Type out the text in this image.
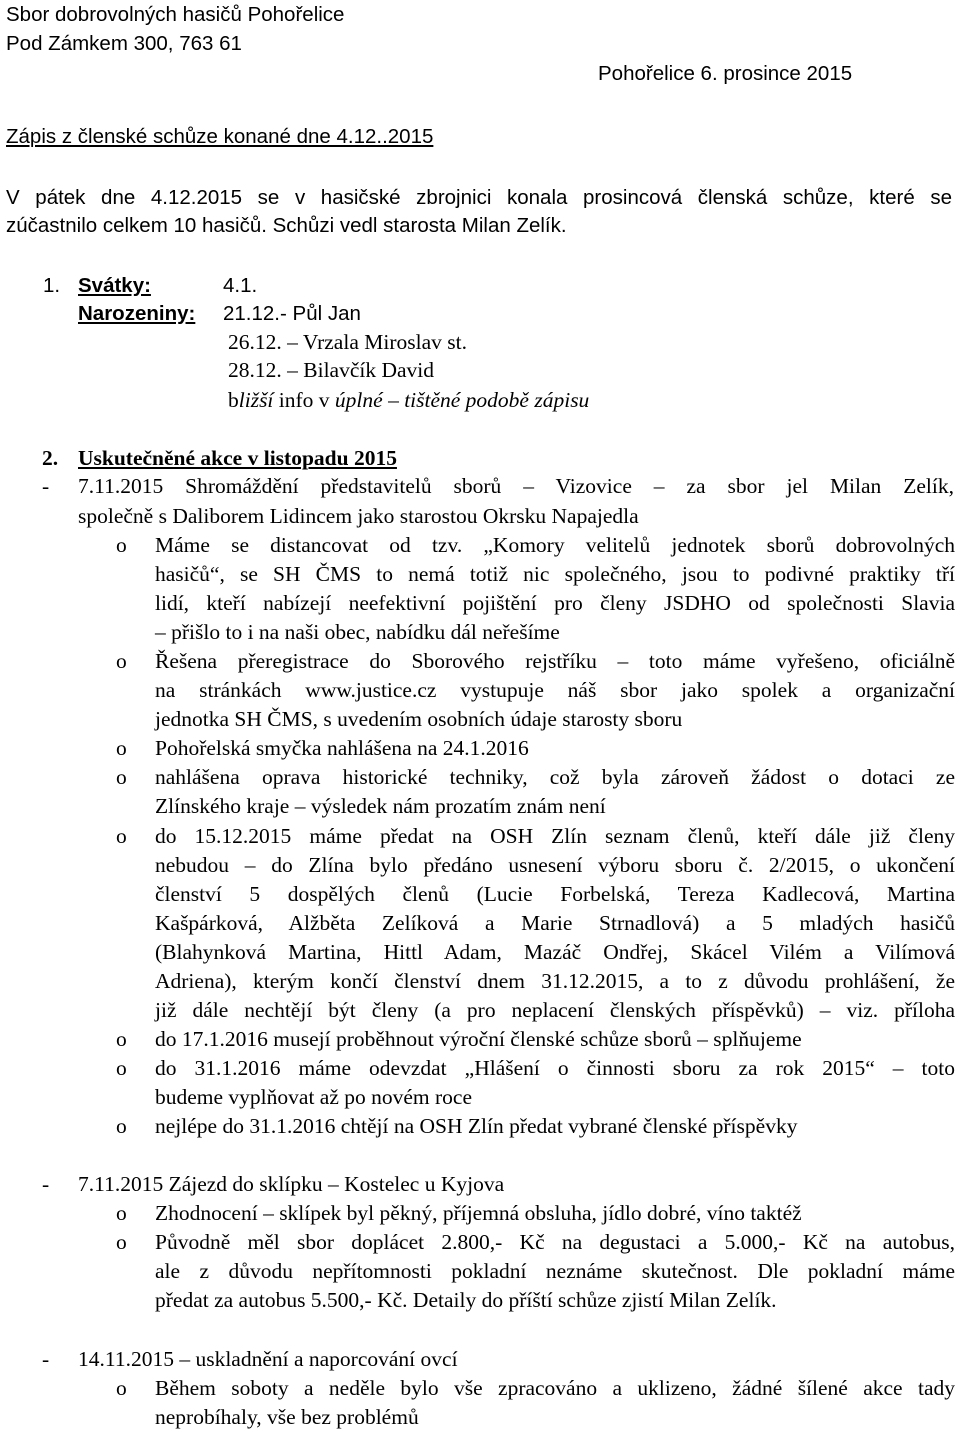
Sbor dobrovolných hasičů Pohořelice
Pod Zámkem 300, 763 61
Pohořelice 6. prosince 2015
Zápis z členské schůze konané dne 4.12..2015
V pátek dne 4.12.2015 se v hasičské zbrojnici konala prosincová členská schůze, které se
zúčastnilo celkem 10 hasičů. Schůzi vedl starosta Milan Zelík.
1. Svátky:	4.1.
Narozeniny: 21.12.- Půl Jan
26.12. – Vrzala Miroslav st.
28.12. – Bilavčík David
bližší info v úplné – tištěné podobě zápisu
2. Uskutečněné akce v listopadu 2015
- 7.11.2015 Shromáždění představitelů sborů – Vizovice – za sbor jel Milan Zelík,
společně s Daliborem Lidincem jako starostou Okrsku Napajedla
o Máme se distancovat od tzv. „Komory velitelů jednotek sborů dobrovolných
hasičů“, se SH ČMS to nemá totiž nic společného, jsou to podivné praktiky tří
lidí, kteří nabízejí neefektivní pojištění pro členy JSDHO od společnosti Slavia
– přišlo to i na naši obec, nabídku dál neřešíme
o Řešena přeregistrace do Sborového rejstříku – toto máme vyřešeno, oficiálně
na stránkách www.justice.cz vystupuje náš sbor jako spolek a organizační
jednotka SH ČMS, s uvedením osobních údaje starosty sboru
o Pohořelská smyčka nahlášena na 24.1.2016
o nahlášena oprava historické techniky, což byla zároveň žádost o dotaci ze
Zlínského kraje – výsledek nám prozatím znám není
o do 15.12.2015 máme předat na OSH Zlín seznam členů, kteří dále již členy
nebudou – do Zlína bylo předáno usnesení výboru sboru č. 2/2015, o ukončení
členství 5 dospělých členů (Lucie Forbelská, Tereza Kadlecová, Martina
Kašpárková, Alžběta Zelíková a Marie Strnadlová) a 5 mladých hasičů
(Blahynková Martina, Hittl Adam, Mazáč Ondřej, Skácel Vilém a Vilímová
Adriena), kterým končí členství dnem 31.12.2015, a to z důvodu prohlášení, že
již dále nechtějí být členy (a pro neplacení členských příspěvků) – viz. příloha
o do 17.1.2016 musejí proběhnout výroční členské schůze sborů – splňujeme
o do 31.1.2016 máme odevzdat „Hlášení o činnosti sboru za rok 2015“ – toto
budeme vyplňovat až po novém roce
o nejlépe do 31.1.2016 chtějí na OSH Zlín předat vybrané členské příspěvky
- 7.11.2015 Zájezd do sklípku – Kostelec u Kyjova
o Zhodnocení – sklípek byl pěkný, příjemná obsluha, jídlo dobré, víno taktéž
o Původně měl sbor doplácet 2.800,- Kč na degustaci a 5.000,- Kč na autobus,
ale z důvodu nepřítomnosti pokladní neznáme skutečnost. Dle pokladní máme
předat za autobus 5.500,- Kč. Detaily do příští schůze zjistí Milan Zelík.
- 14.11.2015 – uskladnění a naporcování ovcí
o Během soboty a neděle bylo vše zpracováno a uklizeno, žádné šílené akce tady
neprobíhaly, vše bez problémů
